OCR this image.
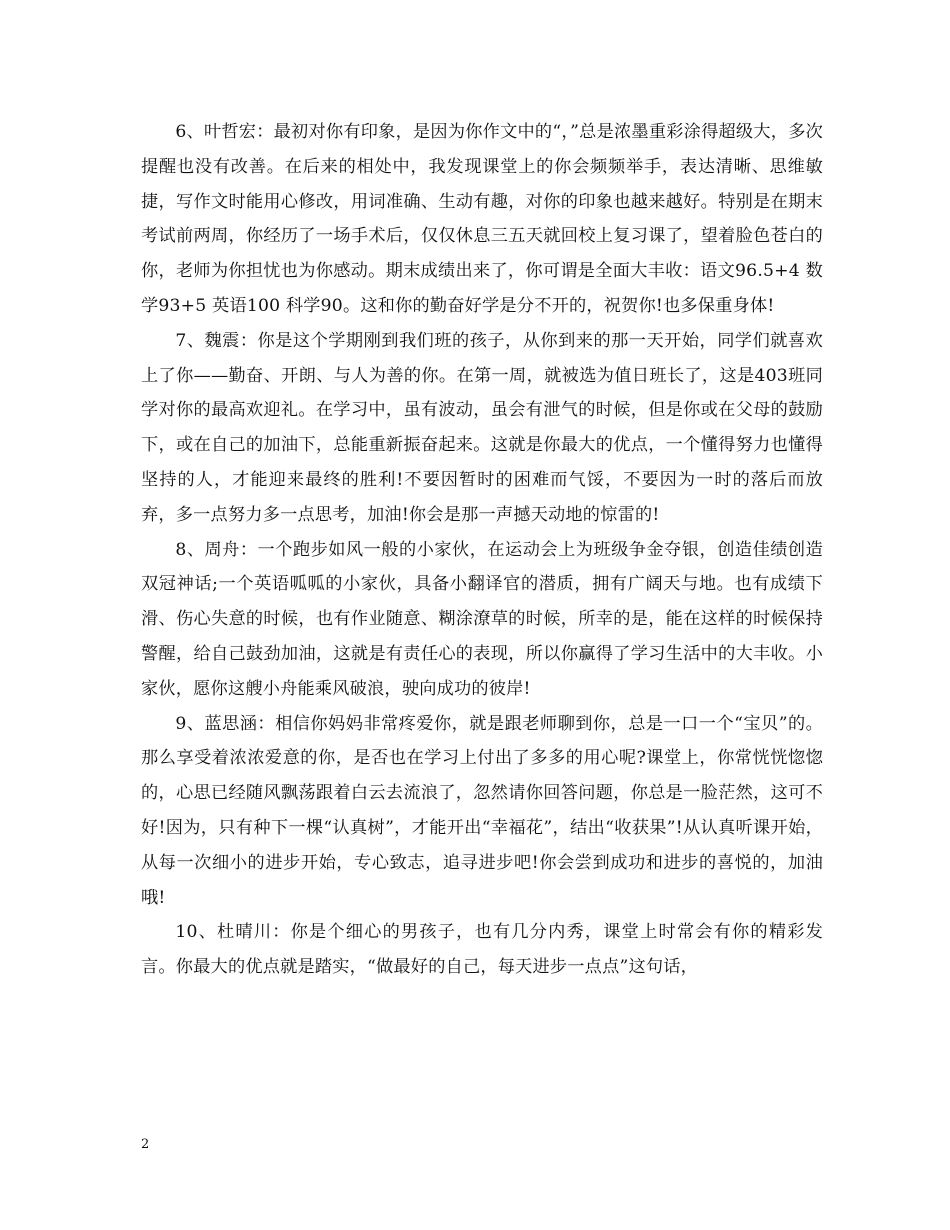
6、叶哲宏：最初对你有印象，是因为你作文中的“，”总是浓墨重彩涂得超级大，多次提醒也没有改善。在后来的相处中，我发现课堂上的你会频频举手，表达清晰、思维敏捷，写作文时能用心修改，用词准确、生动有趣，对你的印象也越来越好。特别是在期末考试前两周，你经历了一场手术后，仅仅休息三五天就回校上复习课了，望着脸色苍白的你，老师为你担忧也为你感动。期末成绩出来了，你可谓是全面大丰收：语文96.5+4 数学93+5 英语100 科学90。这和你的勤奋好学是分不开的，祝贺你!也多保重身体!

7、魏震：你是这个学期刚到我们班的孩子，从你到来的那一天开始，同学们就喜欢上了你——勤奋、开朗、与人为善的你。在第一周，就被选为值日班长了，这是403班同学对你的最高欢迎礼。在学习中，虽有波动，虽会有泄气的时候，但是你或在父母的鼓励下，或在自己的加油下，总能重新振奋起来。这就是你最大的优点，一个懂得努力也懂得坚持的人，才能迎来最终的胜利!不要因暂时的困难而气馁，不要因为一时的落后而放弃，多一点努力多一点思考，加油!你会是那一声撼天动地的惊雷的!

8、周舟：一个跑步如风一般的小家伙，在运动会上为班级争金夺银，创造佳绩创造双冠神话;一个英语呱呱的小家伙，具备小翻译官的潜质，拥有广阔天与地。也有成绩下滑、伤心失意的时候，也有作业随意、糊涂潦草的时候，所幸的是，能在这样的时候保持警醒，给自己鼓劲加油，这就是有责任心的表现，所以你赢得了学习生活中的大丰收。小家伙，愿你这艘小舟能乘风破浪，驶向成功的彼岸!

9、蓝思涵：相信你妈妈非常疼爱你，就是跟老师聊到你，总是一口一个“宝贝”的。那么享受着浓浓爱意的你，是否也在学习上付出了多多的用心呢?课堂上，你常恍恍惚惚的，心思已经随风飘荡跟着白云去流浪了，忽然请你回答问题，你总是一脸茫然，这可不好!因为，只有种下一棵“认真树”，才能开出“幸福花”，结出“收获果”!从认真听课开始，从每一次细小的进步开始，专心致志，追寻进步吧!你会尝到成功和进步的喜悦的，加油哦!

10、杜晴川：你是个细心的男孩子，也有几分内秀，课堂上时常会有你的精彩发言。你最大的优点就是踏实，“做最好的自己，每天进步一点点”这句话，

2
